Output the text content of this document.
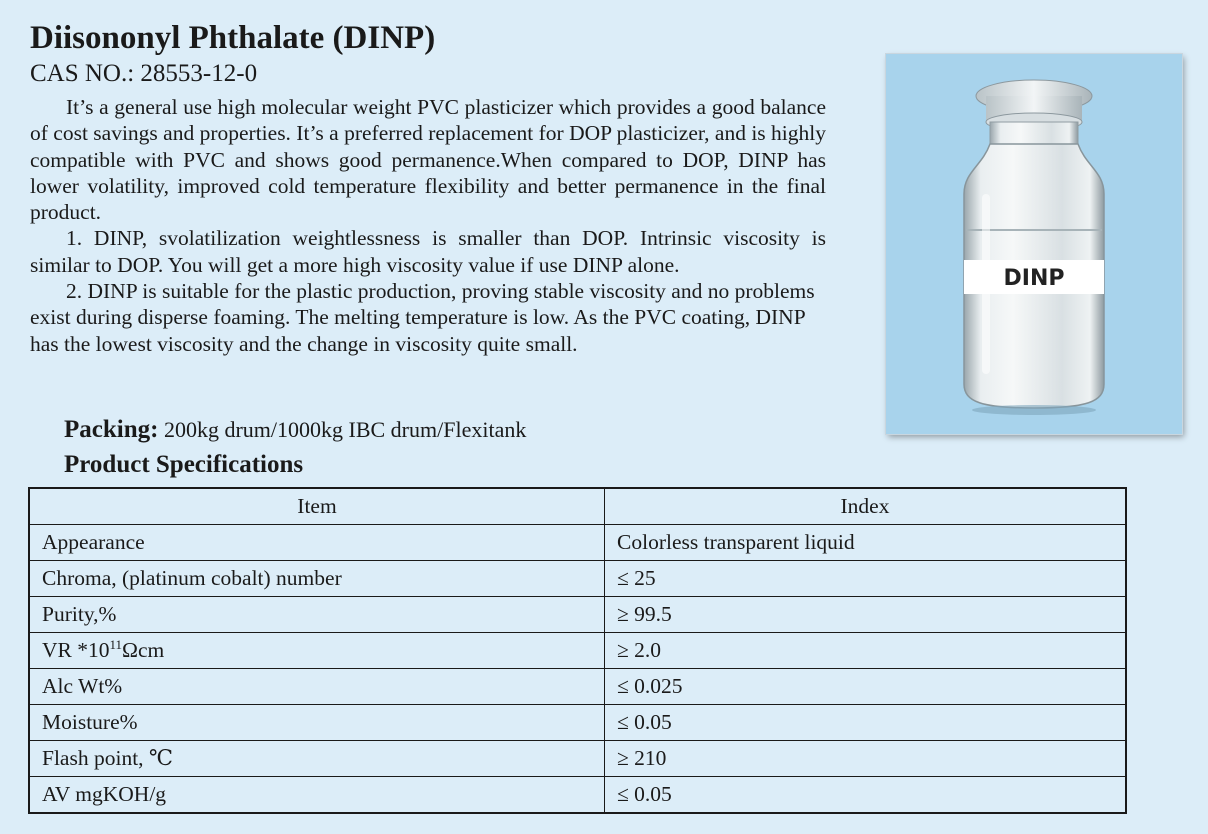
Diisononyl Phthalate (DINP)
CAS NO.: 28553-12-0

It’s a general use high molecular weight PVC plasticizer which provides a good balance of cost savings and properties. It’s a preferred replacement for DOP plasticizer, and is highly compatible with PVC and shows good permanence.When compared to DOP, DINP has lower volatility, improved cold temperature flexibility and better permanence in the final product.

1. DINP, svolatilization weightlessness is smaller than DOP. Intrinsic viscosity is similar to DOP. You will get a more high viscosity value if use DINP alone.

2. DINP is suitable for the plastic production, proving stable viscosity and no problems exist during disperse foaming. The melting temperature is low. As the PVC coating, DINP has the lowest viscosity and the change in viscosity quite small.

Packing: 200kg drum/1000kg IBC drum/Flexitank
Product Specifications
Item	Index
Appearance	Colorless transparent liquid
Chroma, (platinum cobalt) number	≤ 25
Purity,%	≥ 99.5
VR $*10^{11}\Omega cm$	≥ 2.0
Alc Wt%	≤ 0.025
Moisture%	≤ 0.05
Flash point, ℃	≥ 210
AV mgKOH/g	≤ 0.05
DINP
